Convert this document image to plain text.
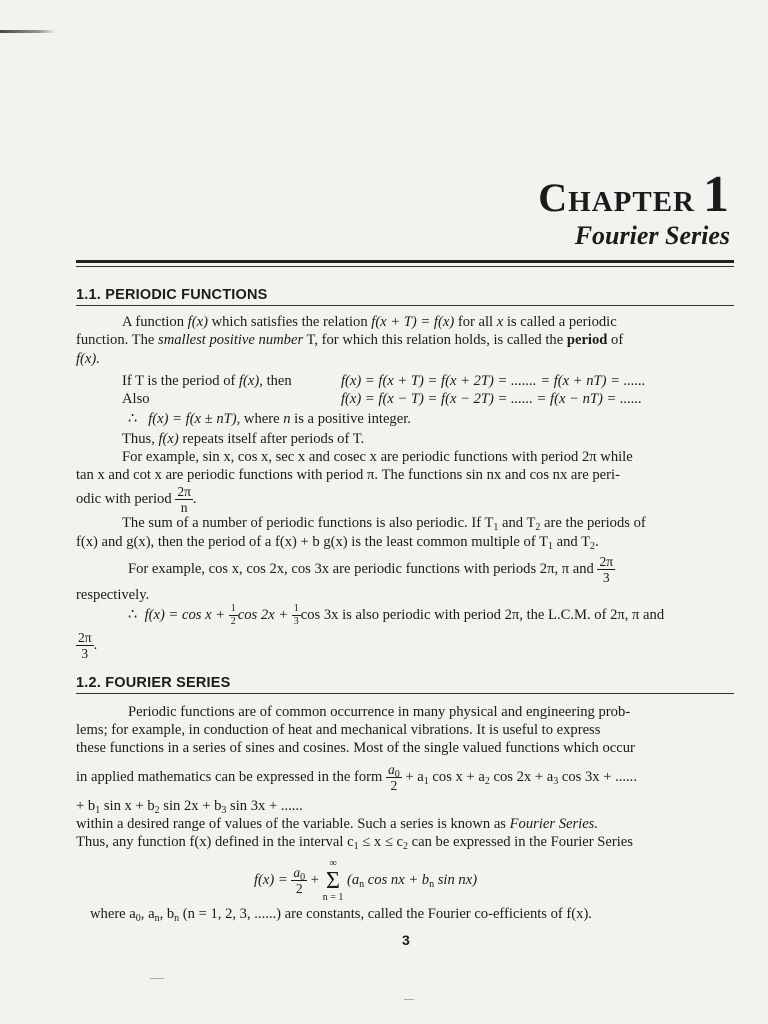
CHAPTER 1
Fourier Series
1.1. PERIODIC FUNCTIONS
A function f(x) which satisfies the relation f(x + T) = f(x) for all x is called a periodic
function. The smallest positive number T, for which this relation holds, is called the period of
f(x).
If T is the period of f(x), then	f(x) = f(x + T) = f(x + 2T) = ....... = f(x + nT) = ......
Also	f(x) = f(x − T) = f(x − 2T) = ...... = f(x − nT) = ......
∴ f(x) = f(x ± nT), where n is a positive integer.
Thus, f(x) repeats itself after periods of T.
For example, sin x, cos x, sec x and cosec x are periodic functions with period 2π while
tan x and cot x are periodic functions with period π. The functions sin nx and cos nx are peri-
odic with period $\frac{2\pi}{n}$ .
The sum of a number of periodic functions is also periodic. If $T_1$ and $T_2$ are the periods of
f(x) and g(x), then the period of a f(x) + b g(x) is the least common multiple of $T_1$ and $T_2$.
For example, cos x, cos 2x, cos 3x are periodic functions with periods 2π, π and $\frac{2\pi}{3}$
respectively.
∴ $f(x) = \cos x + \frac{1}{2}$ $\cos 2x + \frac{1}{3}$ cos 3x is also periodic with period 2π, the L.C.M. of 2π, π and
$\frac{2\pi}{3}$ .
1.2. FOURIER SERIES
Periodic functions are of common occurrence in many physical and engineering prob-
lems; for example, in conduction of heat and mechanical vibrations. It is useful to express
these functions in a series of sines and cosines. Most of the single valued functions which occur
in applied mathematics can be expressed in the form $\frac{a_0}{2} + a_1$ $\cos x + a_2$ $\cos 2x + a_3$ cos 3x + ......
+ $b_1$ $\sin x + b_2$ $\sin 2x + b_3$ sin 3x + ......
within a desired range of values of the variable. Such a series is known as Fourier Series.
Thus, any function f(x) defined in the interval $c_1 \le x \le c_2$ can be expressed in the Fourier Series
$f(x) = \frac{a_0}{2}$ +
∞
Σ
n = 1
($a_n$ cos nx + $b_n$ sin nx)
where $a_0$, $a_n$, $b_n$ (n = 1, 2, 3, ......) are constants, called the Fourier co-efficients of f(x).
3
